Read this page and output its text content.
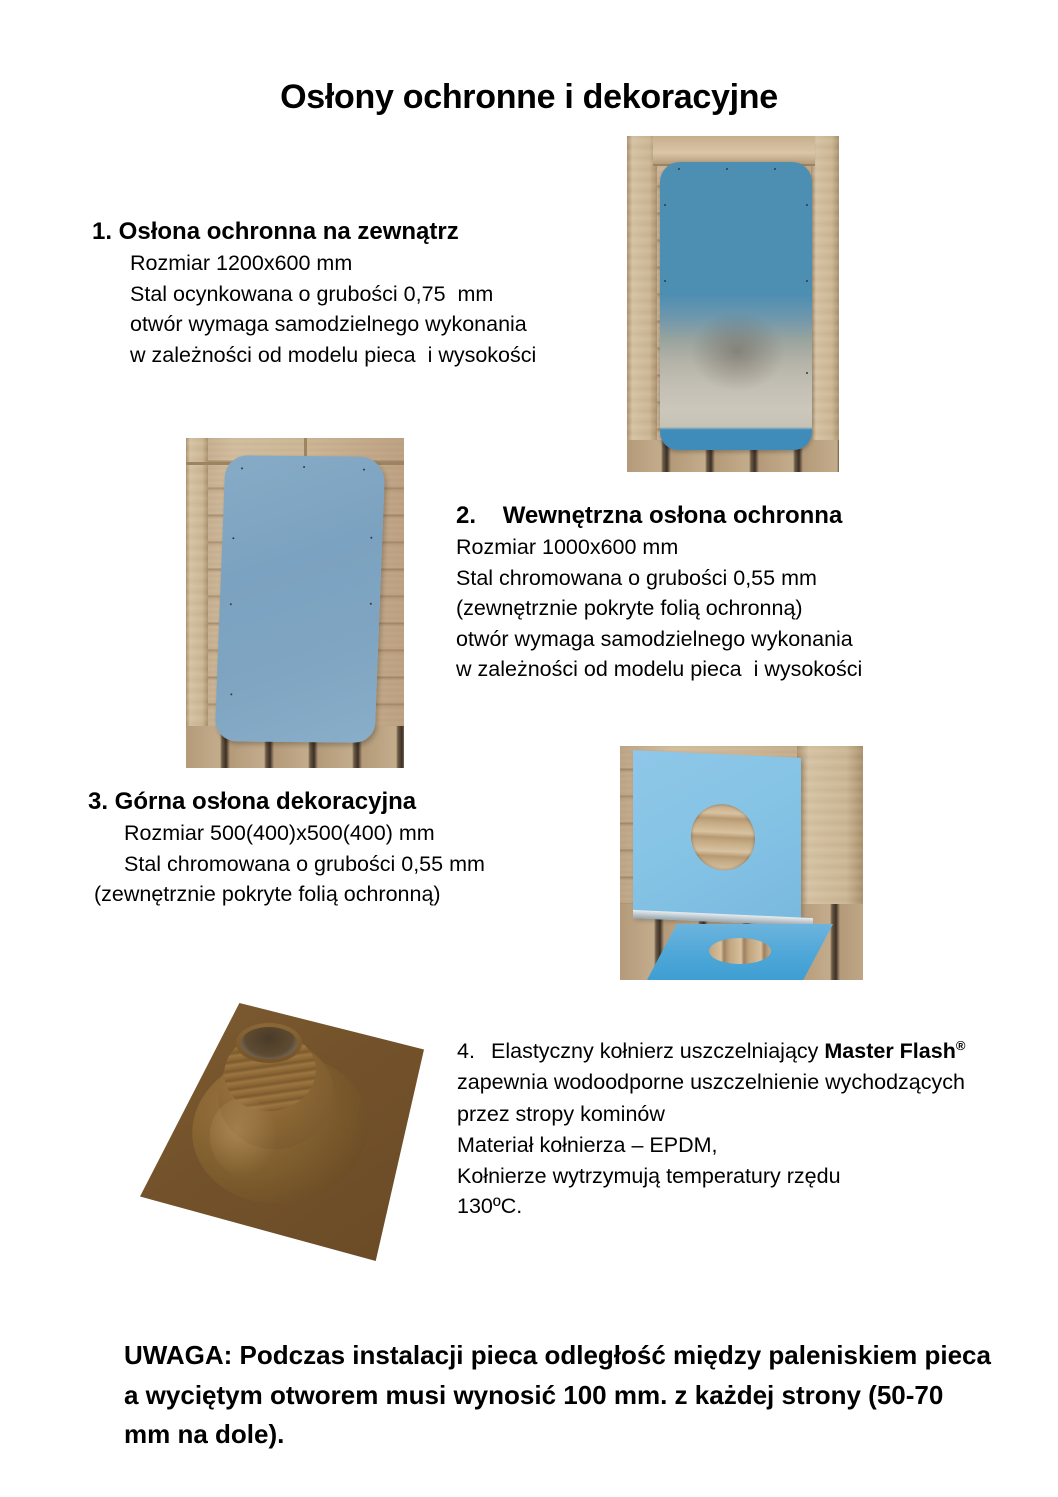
Osłony ochronne i dekoracyjne
1. Osłona ochronna na zewnątrz
Rozmiar 1200x600 mm
Stal ocynkowana o grubości 0,75  mm
otwór wymaga samodzielnego wykonania
w zależności od modelu pieca  i wysokości
2.    Wewnętrzna osłona ochronna
Rozmiar 1000x600 mm
Stal chromowana o grubości 0,55 mm
(zewnętrznie pokryte folią ochronną)
otwór wymaga samodzielnego wykonania
w zależności od modelu pieca  i wysokości
3. Górna osłona dekoracyjna
Rozmiar 500(400)x500(400) mm
Stal chromowana o grubości 0,55 mm
(zewnętrznie pokryte folią ochronną)
4. Elastyczny kołnierz uszczelniający Master Flash® zapewnia wodoodporne uszczelnienie wychodzących przez stropy kominów
Materiał kołnierza – EPDM,
Kołnierze wytrzymują temperatury rzędu
130ºC.
UWAGA: Podczas instalacji pieca odległość między paleniskiem pieca a wyciętym otworem musi wynosić 100 mm. z każdej strony (50-70 mm na dole).
